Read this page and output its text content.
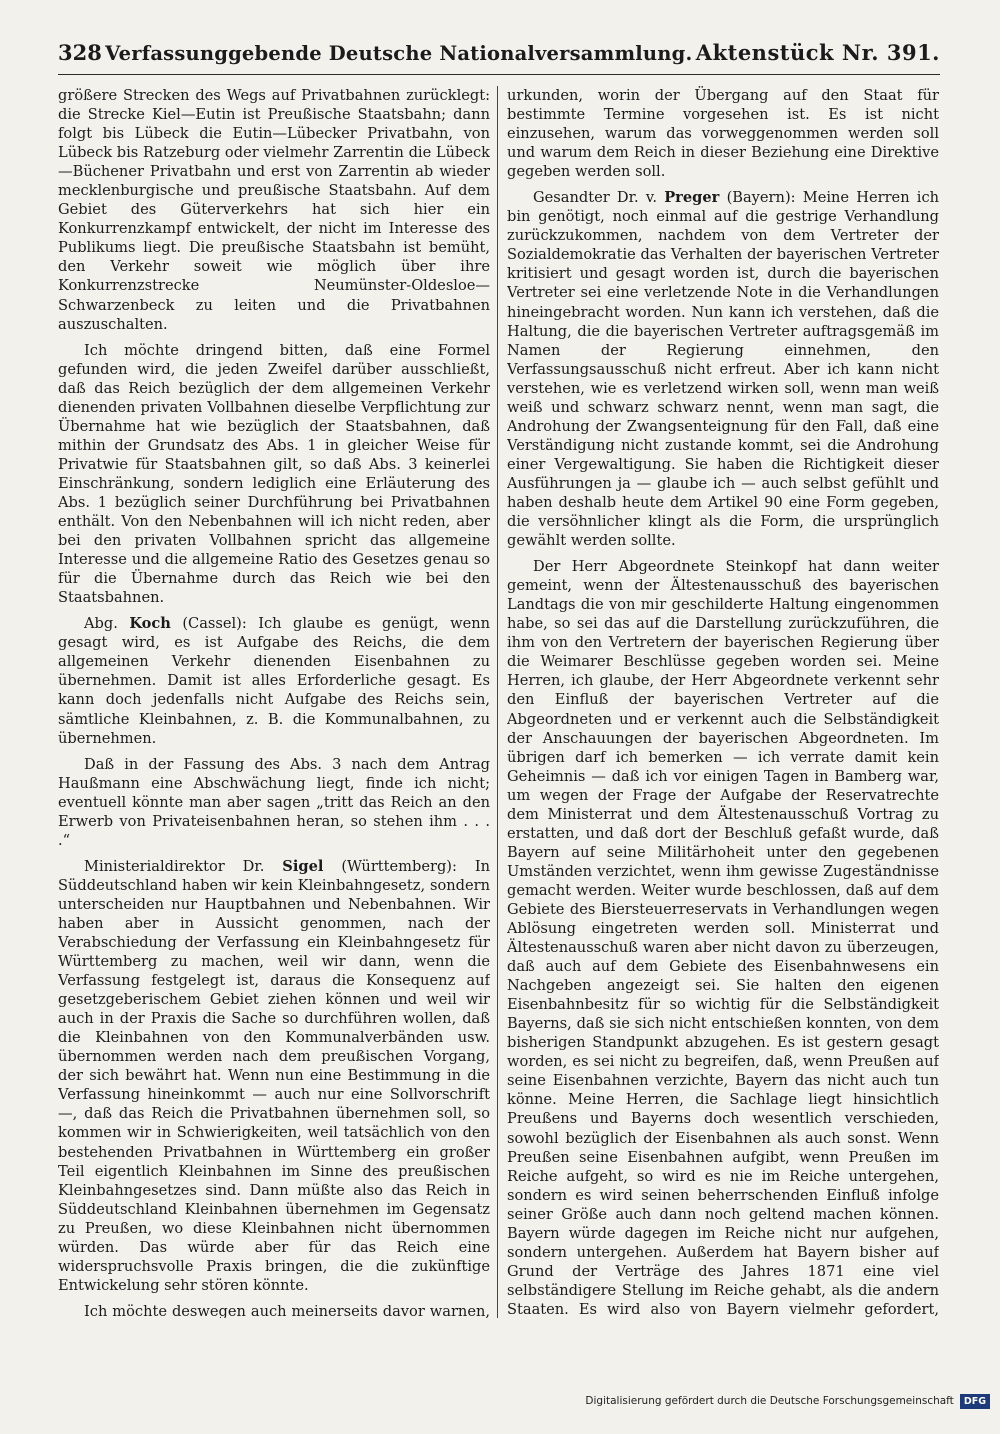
328 Verfassunggebende Deutsche Nationalversammlung. Aktenstück Nr. 391.

größere Strecken des Wegs auf Privatbahnen zurücklegt: die Strecke Kiel—Eutin ist Preußische Staatsbahn; dann folgt bis Lübeck die Eutin—Lübecker Privatbahn, von Lübeck bis Ratzeburg oder vielmehr Zarrentin die Lübeck—Büchener Privatbahn und erst von Zarrentin ab wieder mecklenburgische und preußische Staatsbahn. Auf dem Gebiet des Güterverkehrs hat sich hier ein Konkurrenzkampf entwickelt, der nicht im Interesse des Publikums liegt. Die preußische Staatsbahn ist bemüht, den Verkehr soweit wie möglich über ihre Konkurrenzstrecke Neumünster-Oldesloe—Schwarzenbeck zu leiten und die Privatbahnen auszuschalten.

Ich möchte dringend bitten, daß eine Formel gefunden wird, die jeden Zweifel darüber ausschließt, daß das Reich bezüglich der dem allgemeinen Verkehr dienenden privaten Vollbahnen dieselbe Verpflichtung zur Übernahme hat wie bezüglich der Staatsbahnen, daß mithin der Grundsatz des Abs. 1 in gleicher Weise für Privatwie für Staatsbahnen gilt, so daß Abs. 3 keinerlei Einschränkung, sondern lediglich eine Erläuterung des Abs. 1 bezüglich seiner Durchführung bei Privatbahnen enthält. Von den Nebenbahnen will ich nicht reden, aber bei den privaten Vollbahnen spricht das allgemeine Interesse und die allgemeine Ratio des Gesetzes genau so für die Übernahme durch das Reich wie bei den Staatsbahnen.

Abg. Koch (Cassel): Ich glaube es genügt, wenn gesagt wird, es ist Aufgabe des Reichs, die dem allgemeinen Verkehr dienenden Eisenbahnen zu übernehmen. Damit ist alles Erforderliche gesagt. Es kann doch jedenfalls nicht Aufgabe des Reichs sein, sämtliche Kleinbahnen, z. B. die Kommunalbahnen, zu übernehmen.

Daß in der Fassung des Abs. 3 nach dem Antrag Haußmann eine Abschwächung liegt, finde ich nicht; eventuell könnte man aber sagen „tritt das Reich an den Erwerb von Privateisenbahnen heran, so stehen ihm . . . .“

Ministerialdirektor Dr. Sigel (Württemberg): In Süddeutschland haben wir kein Kleinbahngesetz, sondern unterscheiden nur Hauptbahnen und Nebenbahnen. Wir haben aber in Aussicht genommen, nach der Verabschiedung der Verfassung ein Kleinbahngesetz für Württemberg zu machen, weil wir dann, wenn die Verfassung festgelegt ist, daraus die Konsequenz auf gesetzgeberischem Gebiet ziehen können und weil wir auch in der Praxis die Sache so durchführen wollen, daß die Kleinbahnen von den Kommunalverbänden usw. übernommen werden nach dem preußischen Vorgang, der sich bewährt hat. Wenn nun eine Bestimmung in die Verfassung hineinkommt — auch nur eine Sollvorschrift —, daß das Reich die Privatbahnen übernehmen soll, so kommen wir in Schwierigkeiten, weil tatsächlich von den bestehenden Privatbahnen in Württemberg ein großer Teil eigentlich Kleinbahnen im Sinne des preußischen Kleinbahngesetzes sind. Dann müßte also das Reich in Süddeutschland Kleinbahnen übernehmen im Gegensatz zu Preußen, wo diese Kleinbahnen nicht übernommen würden. Das würde aber für das Reich eine widerspruchsvolle Praxis bringen, die die zukünftige Entwickelung sehr stören könnte.

Ich möchte deswegen auch meinerseits davor warnen,

urkunden, worin der Übergang auf den Staat für bestimmte Termine vorgesehen ist. Es ist nicht einzusehen, warum das vorweggenommen werden soll und warum dem Reich in dieser Beziehung eine Direktive gegeben werden soll.

Gesandter Dr. v. Preger (Bayern): Meine Herren ich bin genötigt, noch einmal auf die gestrige Verhandlung zurückzukommen, nachdem von dem Vertreter der Sozialdemokratie das Verhalten der bayerischen Vertreter kritisiert und gesagt worden ist, durch die bayerischen Vertreter sei eine verletzende Note in die Verhandlungen hineingebracht worden. Nun kann ich verstehen, daß die Haltung, die die bayerischen Vertreter auftragsgemäß im Namen der Regierung einnehmen, den Verfassungsausschuß nicht erfreut. Aber ich kann nicht verstehen, wie es verletzend wirken soll, wenn man weiß weiß und schwarz schwarz nennt, wenn man sagt, die Androhung der Zwangsenteignung für den Fall, daß eine Verständigung nicht zustande kommt, sei die Androhung einer Vergewaltigung. Sie haben die Richtigkeit dieser Ausführungen ja — glaube ich — auch selbst gefühlt und haben deshalb heute dem Artikel 90 eine Form gegeben, die versöhnlicher klingt als die Form, die ursprünglich gewählt werden sollte.

Der Herr Abgeordnete Steinkopf hat dann weiter gemeint, wenn der Ältestenausschuß des bayerischen Landtags die von mir geschilderte Haltung eingenommen habe, so sei das auf die Darstellung zurückzuführen, die ihm von den Vertretern der bayerischen Regierung über die Weimarer Beschlüsse gegeben worden sei. Meine Herren, ich glaube, der Herr Abgeordnete verkennt sehr den Einfluß der bayerischen Vertreter auf die Abgeordneten und er verkennt auch die Selbständigkeit der Anschauungen der bayerischen Abgeordneten. Im übrigen darf ich bemerken — ich verrate damit kein Geheimnis — daß ich vor einigen Tagen in Bamberg war, um wegen der Frage der Aufgabe der Reservatrechte dem Ministerrat und dem Ältestenausschuß Vortrag zu erstatten, und daß dort der Beschluß gefaßt wurde, daß Bayern auf seine Militärhoheit unter den gegebenen Umständen verzichtet, wenn ihm gewisse Zugeständnisse gemacht werden. Weiter wurde beschlossen, daß auf dem Gebiete des Biersteuerreservats in Verhandlungen wegen Ablösung eingetreten werden soll. Ministerrat und Ältestenausschuß waren aber nicht davon zu überzeugen, daß auch auf dem Gebiete des Eisenbahnwesens ein Nachgeben angezeigt sei. Sie halten den eigenen Eisenbahnbesitz für so wichtig für die Selbständigkeit Bayerns, daß sie sich nicht entschießen konnten, von dem bisherigen Standpunkt abzugehen. Es ist gestern gesagt worden, es sei nicht zu begreifen, daß, wenn Preußen auf seine Eisenbahnen verzichte, Bayern das nicht auch tun könne. Meine Herren, die Sachlage liegt hinsichtlich Preußens und Bayerns doch wesentlich verschieden, sowohl bezüglich der Eisenbahnen als auch sonst. Wenn Preußen seine Eisenbahnen aufgibt, wenn Preußen im Reiche aufgeht, so wird es nie im Reiche untergehen, sondern es wird seinen beherrschenden Einfluß infolge seiner Größe auch dann noch geltend machen können. Bayern würde dagegen im Reiche nicht nur aufgehen, sondern untergehen. Außerdem hat Bayern bisher auf Grund der Verträge des Jahres 1871 eine viel selbständigere Stellung im Reiche gehabt, als die andern Staaten. Es wird also von Bayern vielmehr gefordert,

Digitalisierung gefördert durch die Deutsche Forschungsgemeinschaft	DFG
